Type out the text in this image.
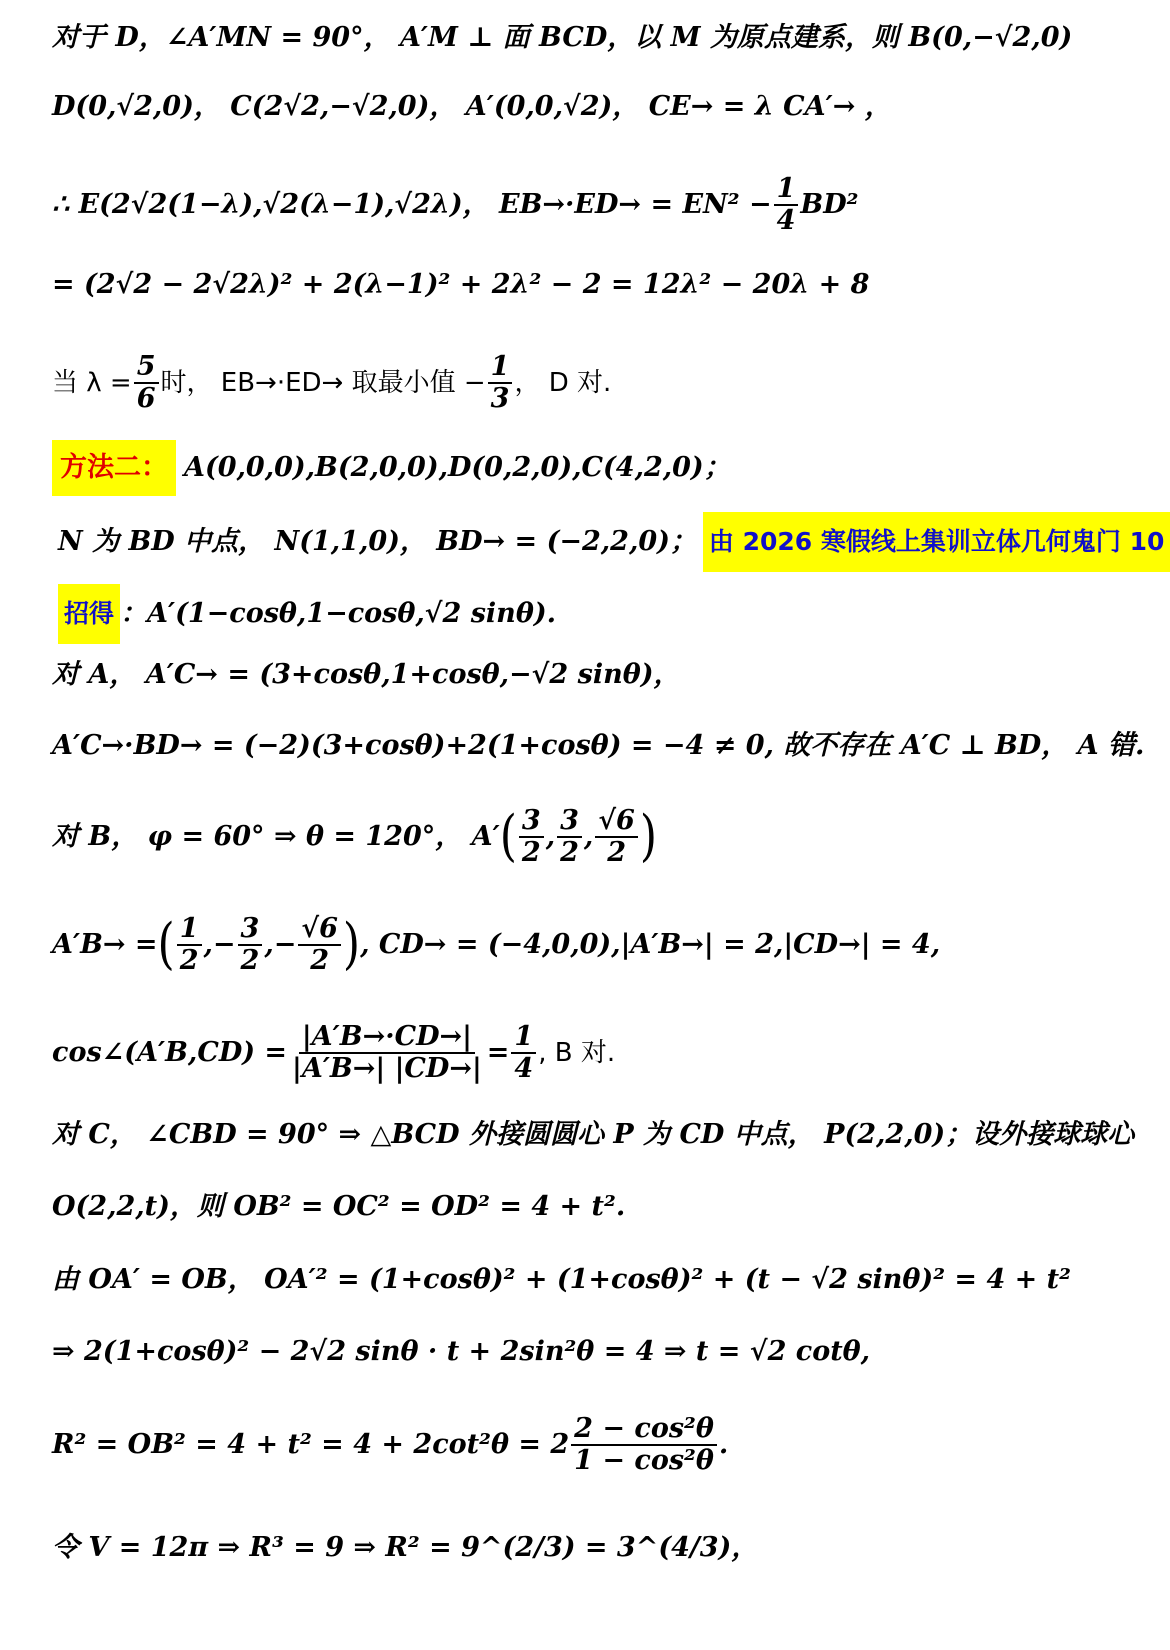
对于 D，∠A′MN = 90°， A′M ⊥ 面 BCD，以 M 为原点建系，则 B(0,−√2,0)
D(0,√2,0)， C(2√2,−√2,0)， A′(0,0,√2)， CE→ = λ CA′→ ，
∴ E(2√2(1−λ),√2(λ−1),√2λ)， $EB\to\cdot ED\to = EN^2 - \frac{1}{4} BD^2$
= (2√2 − 2√2λ)² + 2(λ−1)² + 2λ² − 2 = 12λ² − 20λ + 8
当 $\lambda = \frac{5}{6}$ 时， EB→·ED→ 取最小值 − $\frac{1}{3}$ ， D 对.
方法二： A(0,0,0),B(2,0,0),D(0,2,0),C(4,2,0)；
N 为 BD 中点， N(1,1,0)， BD→ = (−2,2,0)； 由 2026 寒假线上集训立体几何鬼门 10
招得 ：A′(1−cosθ,1−cosθ,√2 sinθ).
对 A， A′C→ = (3+cosθ,1+cosθ,−√2 sinθ)，
A′C→·BD→ = (−2)(3+cosθ)+2(1+cosθ) = −4 ≠ 0, 故不存在 A′C ⊥ BD， A 错.
对 B， φ = 60° ⇒ θ = 120°， A′ ( $\frac{3}{2}$ , $\frac{3}{2}$ , $\frac{√6}{2}$ )
A′B→ = ( $\frac{1}{2}$ ,− $\frac{3}{2}$ ,− $\frac{√6}{2}$ ) , CD→ = (−4,0,0),|A′B→| = 2,|CD→| = 4,
cos∠(A′B,CD) = $\frac{|A'B\to\cdot CD\to|}{|A'B\to| |CD\to|} = \frac{1}{4}$ , B 对.
对 C， ∠CBD = 90° ⇒ △BCD 外接圆圆心 P 为 CD 中点， P(2,2,0)；设外接球球心
O(2,2,t)，则 OB² = OC² = OD² = 4 + t².
由 OA′ = OB， OA′² = (1+cosθ)² + (1+cosθ)² + (t − √2 sinθ)² = 4 + t²
⇒ 2(1+cosθ)² − 2√2 sinθ · t + 2sin²θ = 4 ⇒ t = √2 cotθ,
$R^2 = OB^2 = 4 + t^2 = 4 + 2\cot^2\theta = 2 \frac{\text{2 − cos²θ}}{\text{1 − cos²θ}}$ .
令 V = 12π ⇒ R³ = 9 ⇒ R² = 9^(2/3) = 3^(4/3)，
